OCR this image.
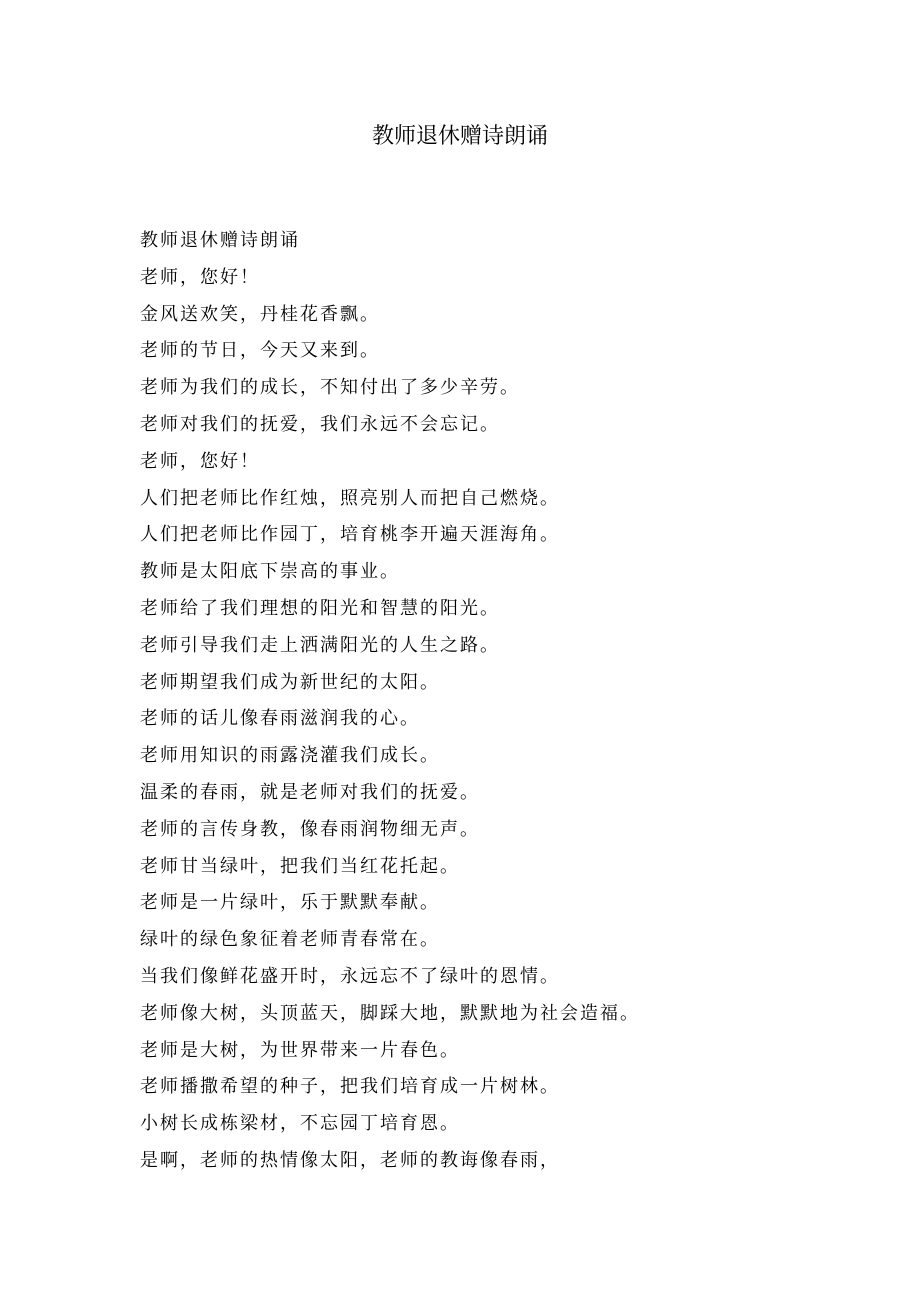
教师退休赠诗朗诵
教师退休赠诗朗诵
老师，您好！
金风送欢笑，丹桂花香飘。
老师的节日，今天又来到。
老师为我们的成长，不知付出了多少辛劳。
老师对我们的抚爱，我们永远不会忘记。
老师，您好！
人们把老师比作红烛，照亮别人而把自己燃烧。
人们把老师比作园丁，培育桃李开遍天涯海角。
教师是太阳底下崇高的事业。
老师给了我们理想的阳光和智慧的阳光。
老师引导我们走上洒满阳光的人生之路。
老师期望我们成为新世纪的太阳。
老师的话儿像春雨滋润我的心。
老师用知识的雨露浇灌我们成长。
温柔的春雨，就是老师对我们的抚爱。
老师的言传身教，像春雨润物细无声。
老师甘当绿叶，把我们当红花托起。
老师是一片绿叶，乐于默默奉献。
绿叶的绿色象征着老师青春常在。
当我们像鲜花盛开时，永远忘不了绿叶的恩情。
老师像大树，头顶蓝天，脚踩大地，默默地为社会造福。
老师是大树，为世界带来一片春色。
老师播撒希望的种子，把我们培育成一片树林。
小树长成栋梁材，不忘园丁培育恩。
是啊，老师的热情像太阳，老师的教诲像春雨，
